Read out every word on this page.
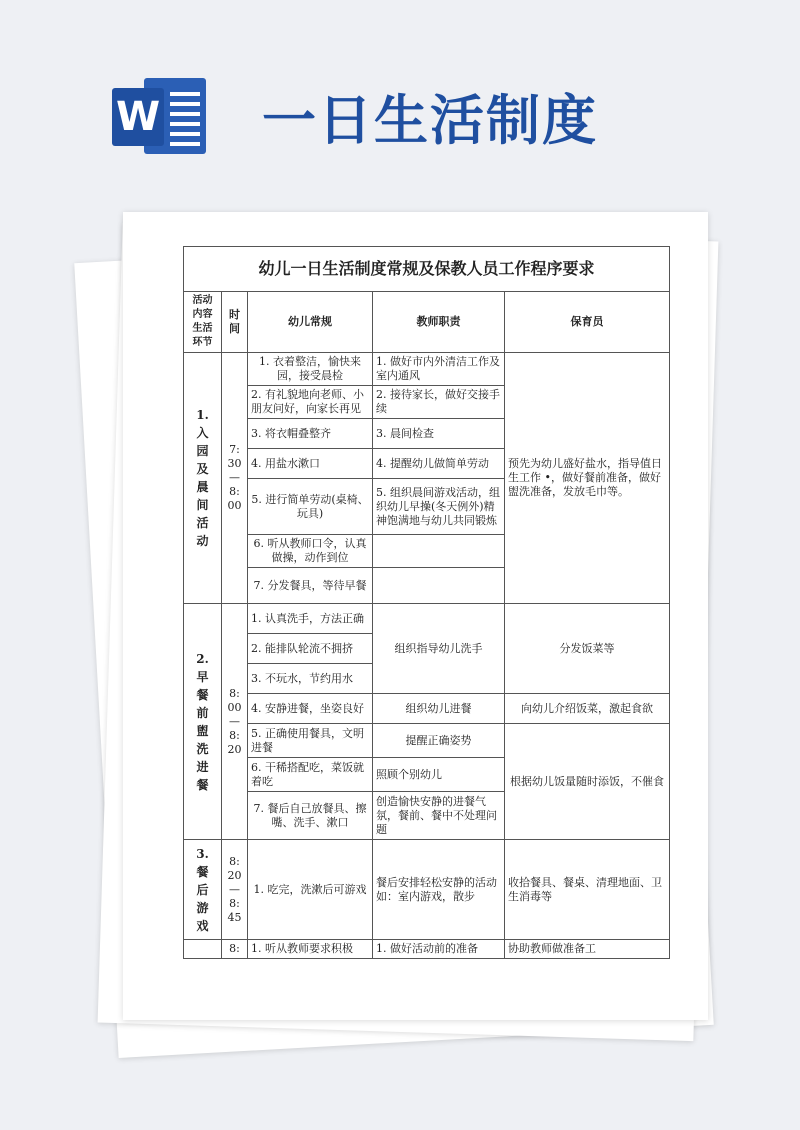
W 一日生活制度
幼儿一日生活制度常规及保教人员工作程序要求				
活动内容生活环节	时间	幼儿常规	教师职责	保育员
1.入园及晨间活动	7:30—8:00	1. 衣着整洁，愉快来园，接受晨检	1. 做好市内外清洁工作及室内通风	预先为幼儿盛好盐水，指导值日生工作 •，做好餐前准备，做好盥洗准备，发放毛巾等。
		2. 有礼貌地向老师、小朋友问好，向家长再见	2. 接待家长，做好交接手续	
		3. 将衣帽叠整齐	3. 晨间检查	
		4. 用盐水漱口	4. 提醒幼儿做简单劳动	
		5. 进行简单劳动(桌椅、玩具)	5. 组织晨间游戏活动，组织幼儿早操(冬天例外)精神饱满地与幼儿共同锻炼	
		6. 听从教师口令，认真做操，动作到位		
		7. 分发餐具，等待早餐		
2.早餐前盥洗进餐	8:00—8:20	1. 认真洗手，方法正确	组织指导幼儿洗手	分发饭菜等
		2. 能排队轮流不拥挤		
		3. 不玩水，节约用水		
		4. 安静进餐，坐姿良好	组织幼儿进餐	向幼儿介绍饭菜，激起食欲
		5. 正确使用餐具，文明进餐	提醒正确姿势	根据幼儿饭量随时添饭，不催食
		6. 干稀搭配吃，菜饭就着吃	照顾个别幼儿	
		7. 餐后自己放餐具、擦嘴、洗手、漱口	创造愉快安静的进餐气氛，餐前、餐中不处理问题	
3.餐后游戏	8:20—8:45	1. 吃完，洗漱后可游戏	餐后安排轻松安静的活动如：室内游戏，散步	收拾餐具、餐桌、清理地面、卫生消毒等
	8:	1. 听从教师要求积极	1. 做好活动前的准备	协助教师做准备工
